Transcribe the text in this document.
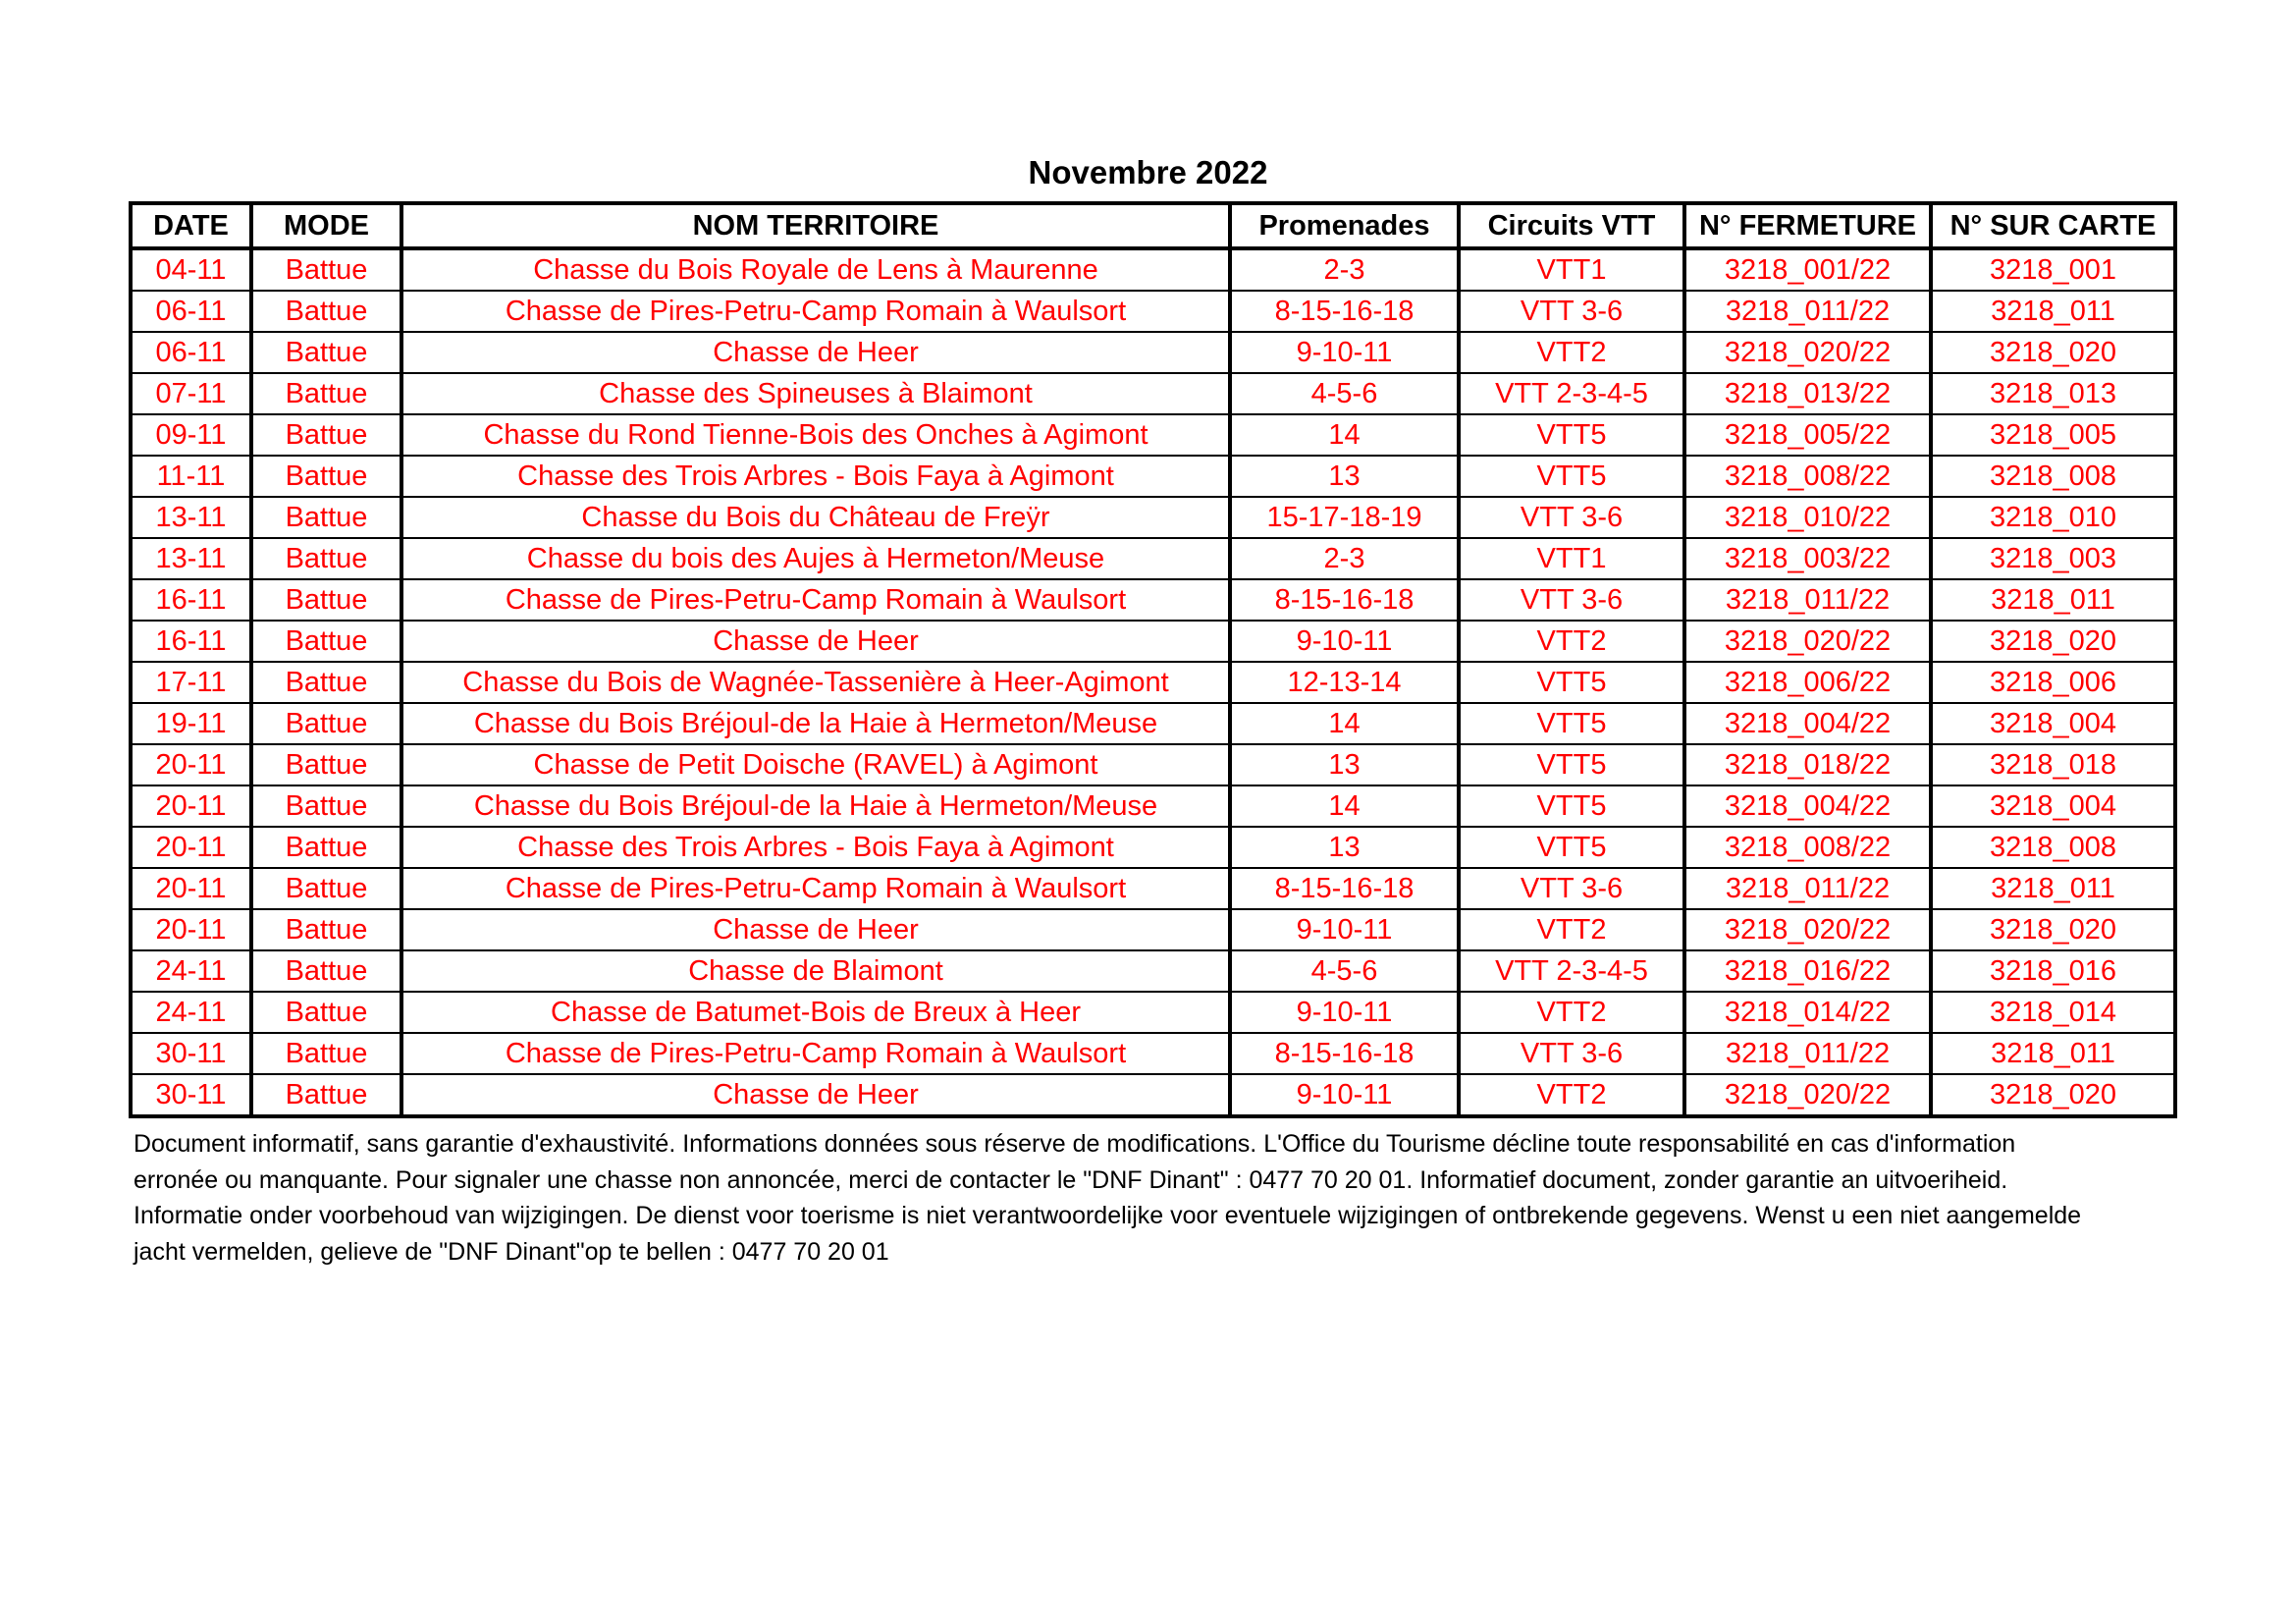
Novembre 2022
DATE	MODE	NOM TERRITOIRE	Promenades	Circuits VTT	N° FERMETURE	N° SUR CARTE
04-11	Battue	Chasse du Bois Royale de Lens à Maurenne	2-3	VTT1	3218_001/22	3218_001
06-11	Battue	Chasse de Pires-Petru-Camp Romain à Waulsort	8-15-16-18	VTT 3-6	3218_011/22	3218_011
06-11	Battue	Chasse de Heer	9-10-11	VTT2	3218_020/22	3218_020
07-11	Battue	Chasse des Spineuses à Blaimont	4-5-6	VTT 2-3-4-5	3218_013/22	3218_013
09-11	Battue	Chasse du Rond Tienne-Bois des Onches à Agimont	14	VTT5	3218_005/22	3218_005
11-11	Battue	Chasse des Trois Arbres - Bois Faya à Agimont	13	VTT5	3218_008/22	3218_008
13-11	Battue	Chasse du Bois du Château de Freÿr	15-17-18-19	VTT 3-6	3218_010/22	3218_010
13-11	Battue	Chasse du bois des Aujes à Hermeton/Meuse	2-3	VTT1	3218_003/22	3218_003
16-11	Battue	Chasse de Pires-Petru-Camp Romain à Waulsort	8-15-16-18	VTT 3-6	3218_011/22	3218_011
16-11	Battue	Chasse de Heer	9-10-11	VTT2	3218_020/22	3218_020
17-11	Battue	Chasse du Bois de Wagnée-Tassenière à Heer-Agimont	12-13-14	VTT5	3218_006/22	3218_006
19-11	Battue	Chasse du Bois Bréjoul-de la Haie à Hermeton/Meuse	14	VTT5	3218_004/22	3218_004
20-11	Battue	Chasse de Petit Doische (RAVEL) à Agimont	13	VTT5	3218_018/22	3218_018
20-11	Battue	Chasse du Bois Bréjoul-de la Haie à Hermeton/Meuse	14	VTT5	3218_004/22	3218_004
20-11	Battue	Chasse des Trois Arbres - Bois Faya à Agimont	13	VTT5	3218_008/22	3218_008
20-11	Battue	Chasse de Pires-Petru-Camp Romain à Waulsort	8-15-16-18	VTT 3-6	3218_011/22	3218_011
20-11	Battue	Chasse de Heer	9-10-11	VTT2	3218_020/22	3218_020
24-11	Battue	Chasse de Blaimont	4-5-6	VTT 2-3-4-5	3218_016/22	3218_016
24-11	Battue	Chasse de Batumet-Bois de Breux à Heer	9-10-11	VTT2	3218_014/22	3218_014
30-11	Battue	Chasse de Pires-Petru-Camp Romain à Waulsort	8-15-16-18	VTT 3-6	3218_011/22	3218_011
30-11	Battue	Chasse de Heer	9-10-11	VTT2	3218_020/22	3218_020
Document informatif, sans garantie d'exhaustivité. Informations données sous réserve de modifications. L'Office du Tourisme décline toute responsabilité en cas d'information
erronée ou manquante. Pour signaler une chasse non annoncée, merci de contacter le "DNF Dinant" : 0477 70 20 01. Informatief document, zonder garantie an uitvoeriheid.
Informatie onder voorbehoud van wijzigingen. De dienst voor toerisme is niet verantwoordelijke voor eventuele wijzigingen of ontbrekende gegevens. Wenst u een niet aangemelde
jacht vermelden, gelieve de "DNF Dinant"op te bellen : 0477 70 20 01
